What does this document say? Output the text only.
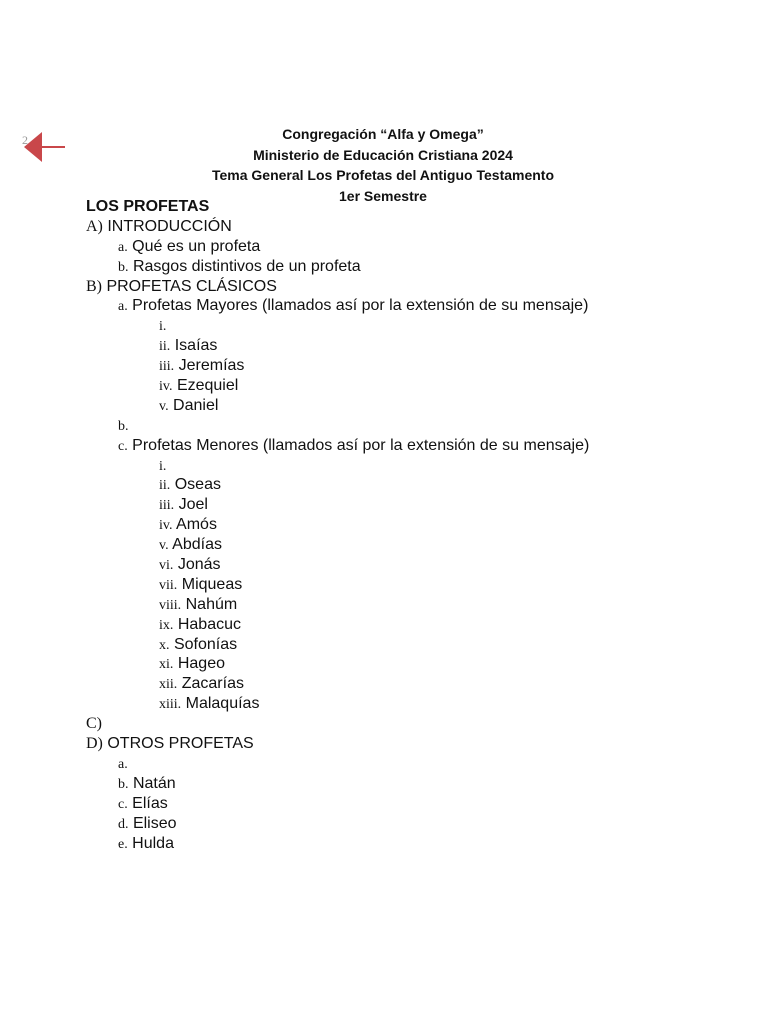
2	Congregación “Alfa y Omega”
Ministerio de Educación Cristiana 2024
Tema General Los Profetas del Antiguo Testamento
1er Semestre
LOS PROFETAS
A) INTRODUCCIÓN
a. Qué es un profeta
b. Rasgos distintivos de un profeta
B) PROFETAS CLÁSICOS
a. Profetas Mayores (llamados así por la extensión de su mensaje)
i.
ii. Isaías
iii. Jeremías
iv. Ezequiel
v. Daniel
b.
c. Profetas Menores (llamados así por la extensión de su mensaje)
i.
ii. Oseas
iii. Joel
iv. Amós
v. Abdías
vi. Jonás
vii. Miqueas
viii. Nahúm
ix. Habacuc
x. Sofonías
xi. Hageo
xii. Zacarías
xiii. Malaquías
C)
D) OTROS PROFETAS
a.
b. Natán
c. Elías
d. Eliseo
e. Hulda
